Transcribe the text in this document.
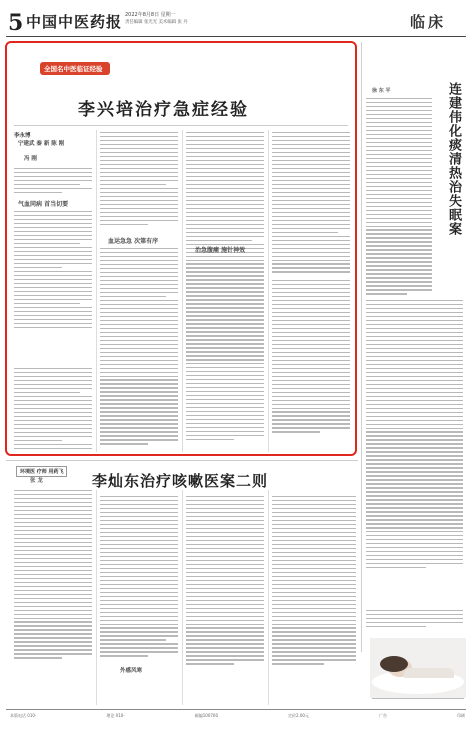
5 中国中医药报 2022年8月8日 星期一
责任编辑 张光光 美术编辑 张 丹	临床
全国名中医临证经验
李兴培治疗急症经验
李永博
宁建武 秦 新 陈 刚
冯 刚
气血同病 首当切要
血运急急 次第有序
治急腹痛 施针神效
徐 东 平	连建伟化痰清热治失眠案
环境医 疗师 用药飞
张 龙	李灿东治疗咳嗽医案二则
外感风寒
本版电话 010-	理论 010-	邮编100700	定价2.00元	广告	印刷
